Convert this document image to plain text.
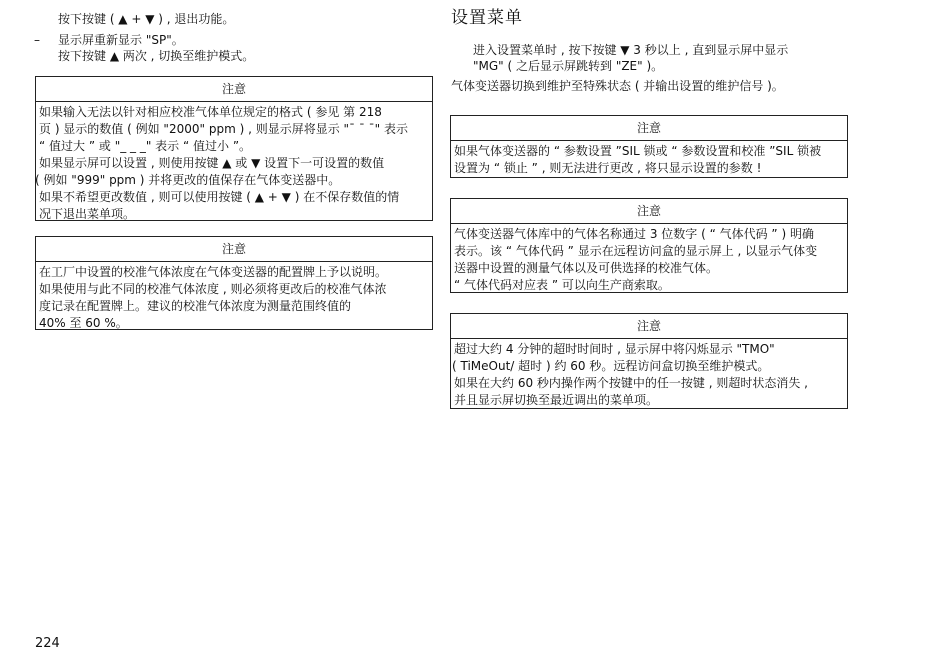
按下按键 ( ▲ + ▼ ) , 退出功能。
– 显示屏重新显示 "SP"。
按下按键 ▲ 两次 , 切换至维护模式。
注意
如果输入无法以针对相应校准气体单位规定的格式 ( 参见 第 218
页 ) 显示的数值 ( 例如 "2000" ppm ) , 则显示屏将显示 "¯ ¯ ¯" 表示
“ 值过大 ” 或 "_ _ _" 表示 “ 值过小 ”。
如果显示屏可以设置 , 则使用按键 ▲ 或 ▼ 设置下一可设置的数值
( 例如 "999" ppm ) 并将更改的值保存在气体变送器中。
如果不希望更改数值 , 则可以使用按键 ( ▲ + ▼ ) 在不保存数值的情
况下退出菜单项。
注意
在工厂中设置的校准气体浓度在气体变送器的配置牌上予以说明。
如果使用与此不同的校准气体浓度 , 则必须将更改后的校准气体浓
度记录在配置牌上。建议的校准气体浓度为测量范围终值的
40% 至 60 %。
设置菜单
进入设置菜单时 , 按下按键 ▼ 3 秒以上 , 直到显示屏中显示
"MG" ( 之后显示屏跳转到 "ZE" )。
气体变送器切换到维护至特殊状态 ( 并输出设置的维护信号 )。
注意
如果气体变送器的 “ 参数设置 ”SIL 锁或 “ 参数设置和校准 ”SIL 锁被
设置为 “ 锁止 ” , 则无法进行更改 , 将只显示设置的参数 !
注意
气体变送器气体库中的气体名称通过 3 位数字 ( “ 气体代码 ” ) 明确
表示。该 “ 气体代码 ” 显示在远程访问盒的显示屏上 , 以显示气体变
送器中设置的测量气体以及可供选择的校准气体。
“ 气体代码对应表 ” 可以向生产商索取。
注意
超过大约 4 分钟的超时时间时 , 显示屏中将闪烁显示 "TMO"
( TiMeOut/ 超时 ) 约 60 秒。远程访问盒切换至维护模式。
如果在大约 60 秒内操作两个按键中的任一按键 , 则超时状态消失 ,
并且显示屏切换至最近调出的菜单项。
224
